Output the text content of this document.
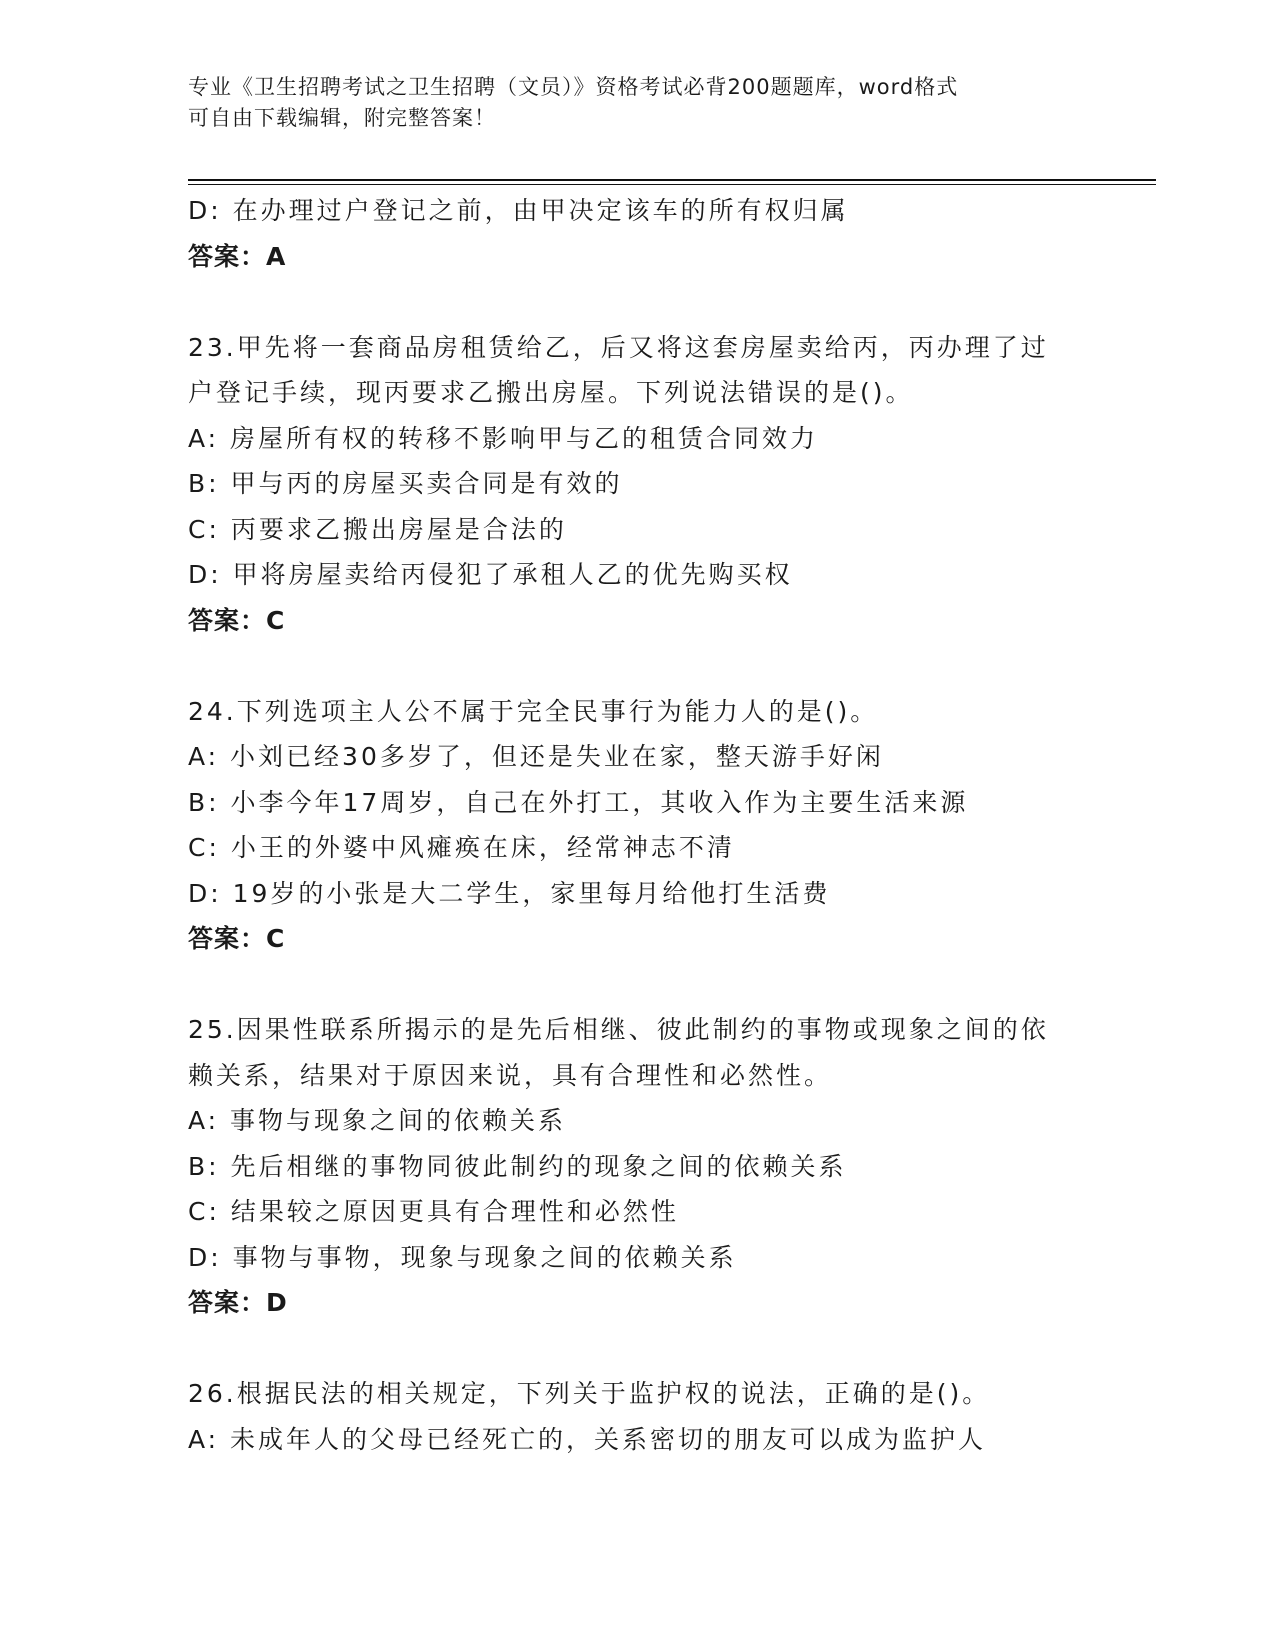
专业《卫生招聘考试之卫生招聘（文员）》资格考试必背200题题库，word格式
可自由下载编辑，附完整答案！
D: 在办理过户登记之前，由甲决定该车的所有权归属
答案：A
23.甲先将一套商品房租赁给乙，后又将这套房屋卖给丙，丙办理了过
户登记手续，现丙要求乙搬出房屋。下列说法错误的是()。
A: 房屋所有权的转移不影响甲与乙的租赁合同效力
B: 甲与丙的房屋买卖合同是有效的
C: 丙要求乙搬出房屋是合法的
D: 甲将房屋卖给丙侵犯了承租人乙的优先购买权
答案：C
24.下列选项主人公不属于完全民事行为能力人的是()。
A: 小刘已经30多岁了，但还是失业在家，整天游手好闲
B: 小李今年17周岁，自己在外打工，其收入作为主要生活来源
C: 小王的外婆中风瘫痪在床，经常神志不清
D: 19岁的小张是大二学生，家里每月给他打生活费
答案：C
25.因果性联系所揭示的是先后相继、彼此制约的事物或现象之间的依
赖关系，结果对于原因来说，具有合理性和必然性。
A: 事物与现象之间的依赖关系
B: 先后相继的事物同彼此制约的现象之间的依赖关系
C: 结果较之原因更具有合理性和必然性
D: 事物与事物，现象与现象之间的依赖关系
答案：D
26.根据民法的相关规定，下列关于监护权的说法，正确的是()。
A: 未成年人的父母已经死亡的，关系密切的朋友可以成为监护人
